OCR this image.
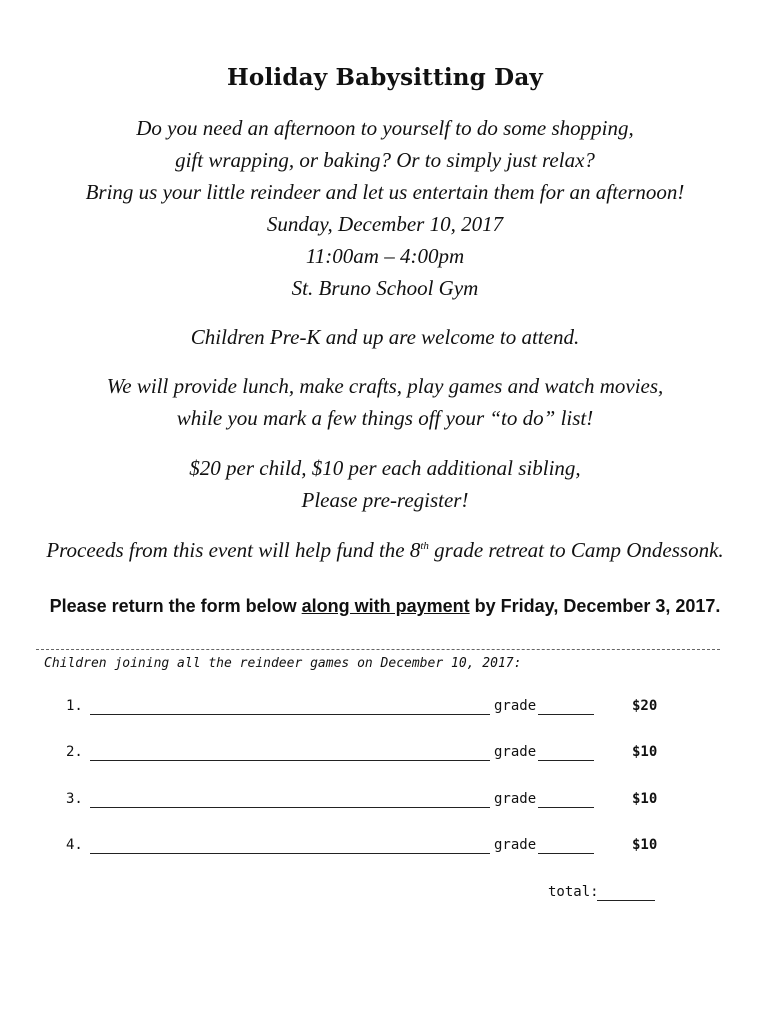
Holiday Babysitting Day
Do you need an afternoon to yourself to do some shopping,
gift wrapping, or baking? Or to simply just relax?
Bring us your little reindeer and let us entertain them for an afternoon!
Sunday, December 10, 2017
11:00am – 4:00pm
St. Bruno School Gym
Children Pre-K and up are welcome to attend.
We will provide lunch, make crafts, play games and watch movies,
while you mark a few things off your “to do” list!
$20 per child, $10 per each additional sibling,
Please pre-register!
Proceeds from this event will help fund the 8th grade retreat to Camp Ondessonk.
Please return the form below along with payment by Friday, December 3, 2017.
Children joining all the reindeer games on December 10, 2017:
1.	grade	$20
2.	grade	$10
3.	grade	$10
4.	grade	$10
total:
